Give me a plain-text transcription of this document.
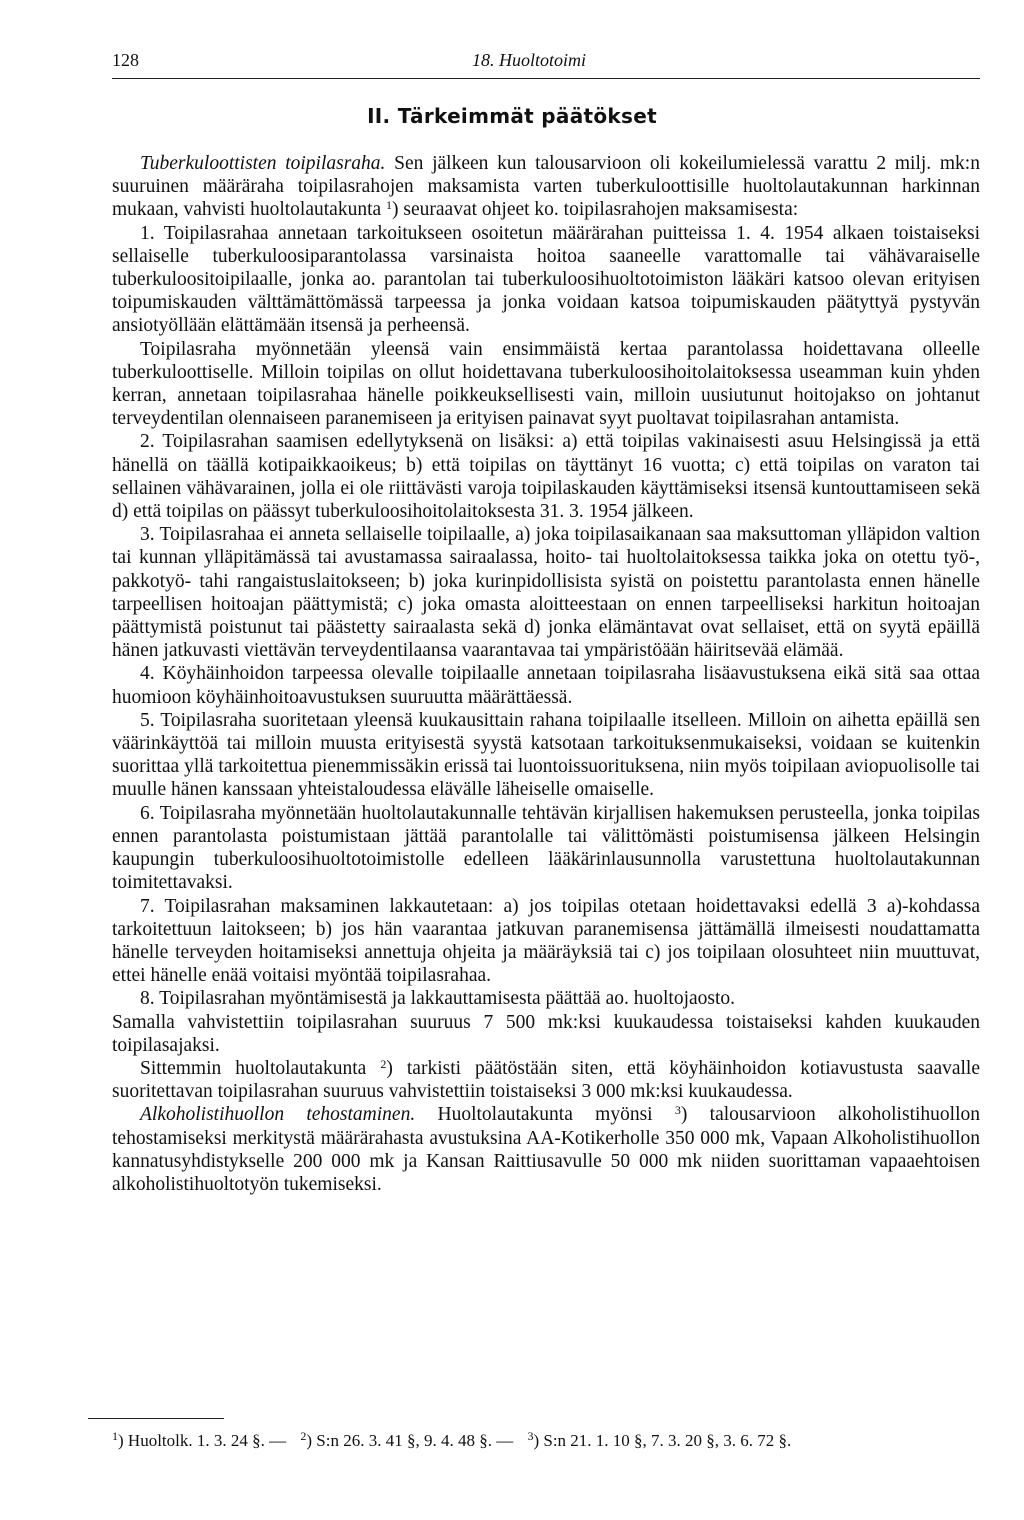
128	18. Huoltotoimi
II. Tärkeimmät päätökset

Tuberkuloottisten toipilasraha. Sen jälkeen kun talousarvioon oli kokeilumielessä varattu 2 milj. mk:n suuruinen määräraha toipilasrahojen maksamista varten tuberkuloottisille huoltolautakunnan harkinnan mukaan, vahvisti huoltolautakunta $^1$) seuraavat ohjeet ko. toipilasrahojen maksamisesta:

1. Toipilasrahaa annetaan tarkoitukseen osoitetun määrärahan puitteissa 1. 4. 1954 alkaen toistaiseksi sellaiselle tuberkuloosiparantolassa varsinaista hoitoa saaneelle varattomalle tai vähävaraiselle tuberkuloositoipilaalle, jonka ao. parantolan tai tuberkuloosihuoltotoimiston lääkäri katsoo olevan erityisen toipumiskauden välttämättömässä tarpeessa ja jonka voidaan katsoa toipumiskauden päätyttyä pystyvän ansiotyöllään elättämään itsensä ja perheensä.

Toipilasraha myönnetään yleensä vain ensimmäistä kertaa parantolassa hoidettavana olleelle tuberkuloottiselle. Milloin toipilas on ollut hoidettavana tuberkuloosihoitolaitoksessa useamman kuin yhden kerran, annetaan toipilasrahaa hänelle poikkeuksellisesti vain, milloin uusiutunut hoitojakso on johtanut terveydentilan olennaiseen paranemiseen ja erityisen painavat syyt puoltavat toipilasrahan antamista.

2. Toipilasrahan saamisen edellytyksenä on lisäksi: a) että toipilas vakinaisesti asuu Helsingissä ja että hänellä on täällä kotipaikkaoikeus; b) että toipilas on täyttänyt 16 vuotta; c) että toipilas on varaton tai sellainen vähävarainen, jolla ei ole riittävästi varoja toipilaskauden käyttämiseksi itsensä kuntouttamiseen sekä d) että toipilas on päässyt tuberkuloosihoitolaitoksesta 31. 3. 1954 jälkeen.

3. Toipilasrahaa ei anneta sellaiselle toipilaalle, a) joka toipilasaikanaan saa maksuttoman ylläpidon valtion tai kunnan ylläpitämässä tai avustamassa sairaalassa, hoito- tai huoltolaitoksessa taikka joka on otettu työ-, pakkotyö- tahi rangaistuslaitokseen; b) joka kurinpidollisista syistä on poistettu parantolasta ennen hänelle tarpeellisen hoitoajan päättymistä; c) joka omasta aloitteestaan on ennen tarpeelliseksi harkitun hoitoajan päättymistä poistunut tai päästetty sairaalasta sekä d) jonka elämäntavat ovat sellaiset, että on syytä epäillä hänen jatkuvasti viettävän terveydentilaansa vaarantavaa tai ympäristöään häiritsevää elämää.

4. Köyhäinhoidon tarpeessa olevalle toipilaalle annetaan toipilasraha lisäavustuksena eikä sitä saa ottaa huomioon köyhäinhoitoavustuksen suuruutta määrättäessä.

5. Toipilasraha suoritetaan yleensä kuukausittain rahana toipilaalle itselleen. Milloin on aihetta epäillä sen väärinkäyttöä tai milloin muusta erityisestä syystä katsotaan tarkoituksenmukaiseksi, voidaan se kuitenkin suorittaa yllä tarkoitettua pienemmissäkin erissä tai luontoissuorituksena, niin myös toipilaan aviopuolisolle tai muulle hänen kanssaan yhteistaloudessa elävälle läheiselle omaiselle.

6. Toipilasraha myönnetään huoltolautakunnalle tehtävän kirjallisen hakemuksen perusteella, jonka toipilas ennen parantolasta poistumistaan jättää parantolalle tai välittömästi poistumisensa jälkeen Helsingin kaupungin tuberkuloosihuoltotoimistolle edelleen lääkärinlausunnolla varustettuna huoltolautakunnan toimitettavaksi.

7. Toipilasrahan maksaminen lakkautetaan: a) jos toipilas otetaan hoidettavaksi edellä 3 a)-kohdassa tarkoitettuun laitokseen; b) jos hän vaarantaa jatkuvan paranemisensa jättämällä ilmeisesti noudattamatta hänelle terveyden hoitamiseksi annettuja ohjeita ja määräyksiä tai c) jos toipilaan olosuhteet niin muuttuvat, ettei hänelle enää voitaisi myöntää toipilasrahaa.

8. Toipilasrahan myöntämisestä ja lakkauttamisesta päättää ao. huoltojaosto.

Samalla vahvistettiin toipilasrahan suuruus 7 500 mk:ksi kuukaudessa toistaiseksi kahden kuukauden toipilasajaksi.

Sittemmin huoltolautakunta $^2$) tarkisti päätöstään siten, että köyhäinhoidon kotiavustusta saavalle suoritettavan toipilasrahan suuruus vahvistettiin toistaiseksi 3 000 mk:ksi kuukaudessa.

Alkoholistihuollon tehostaminen. Huoltolautakunta myönsi $^3$) talousarvioon alkoholistihuollon tehostamiseksi merkitystä määrärahasta avustuksina AA-Kotikerholle 350 000 mk, Vapaan Alkoholistihuollon kannatusyhdistykselle 200 000 mk ja Kansan Raittiusavulle 50 000 mk niiden suorittaman vapaaehtoisen alkoholistihuoltotyön tukemiseksi.

$^1$) Huoltolk. 1. 3. 24 §. — $^2$) S:n 26. 3. 41 §, 9. 4. 48 §. — $^3$) S:n 21. 1. 10 §, 7. 3. 20 §, 3. 6. 72 §.
